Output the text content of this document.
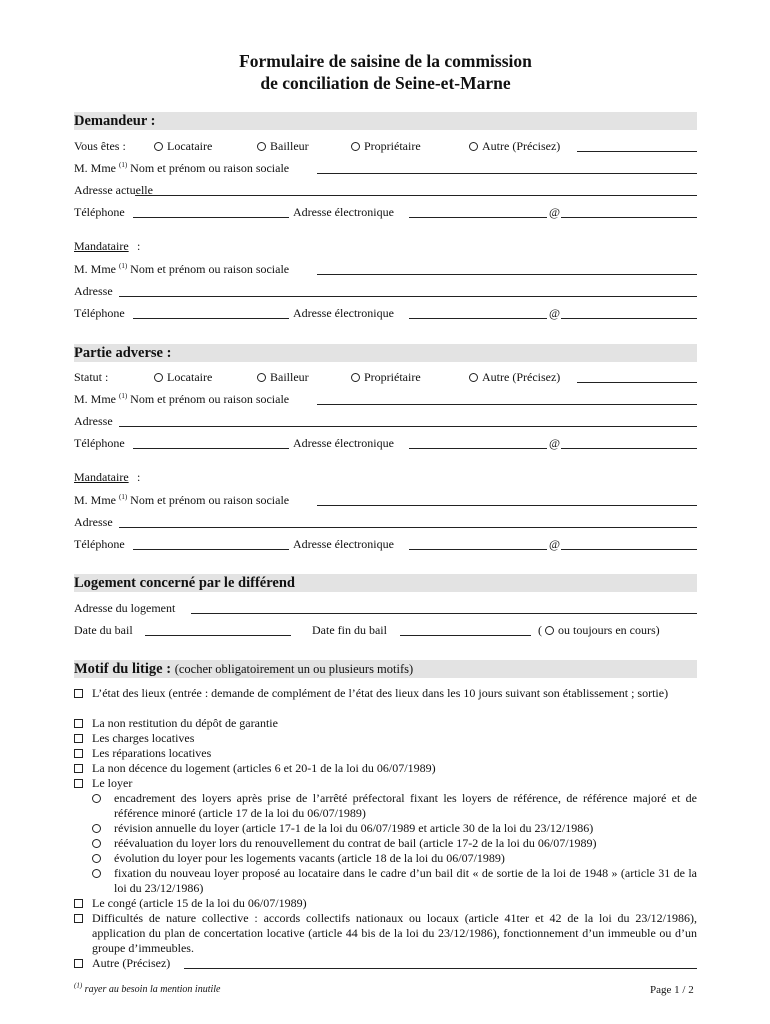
Formulaire de saisine de la commission
de conciliation de Seine-et-Marne
Demandeur :
Vous êtes :	Locataire	Bailleur	Propriétaire	Autre (Précisez)
M. Mme $^{(1)}$ Nom et prénom ou raison sociale
Adresse actuelle
Téléphone	Adresse électronique	@
Mandataire :
M. Mme $^{(1)}$ Nom et prénom ou raison sociale
Adresse
Téléphone	Adresse électronique	@
Partie adverse :
Statut :	Locataire	Bailleur	Propriétaire	Autre (Précisez)
M. Mme $^{(1)}$ Nom et prénom ou raison sociale
Adresse
Téléphone	Adresse électronique	@
Mandataire :
M. Mme $^{(1)}$ Nom et prénom ou raison sociale
Adresse
Téléphone	Adresse électronique	@
Logement concerné par le différend
Adresse du logement
Date du bail	Date fin du bail	( ou toujours en cours)
Motif du litige : (cocher obligatoirement un ou plusieurs motifs)
L’état des lieux (entrée : demande de complément de l’état des lieux dans les 10 jours suivant son établissement ; sortie)
La non restitution du dépôt de garantie
Les charges locatives
Les réparations locatives
La non décence du logement (articles 6 et 20-1 de la loi du 06/07/1989)
Le loyer
encadrement des loyers après prise de l’arrêté préfectoral fixant les loyers de référence, de référence majoré et de référence minoré (article 17 de la loi du 06/07/1989)
révision annuelle du loyer (article 17-1 de la loi du 06/07/1989 et article 30 de la loi du 23/12/1986)
réévaluation du loyer lors du renouvellement du contrat de bail (article 17-2 de la loi du 06/07/1989)
évolution du loyer pour les logements vacants (article 18 de la loi du 06/07/1989)
fixation du nouveau loyer proposé au locataire dans le cadre d’un bail dit « de sortie de la loi de 1948 » (article 31 de la loi du 23/12/1986)
Le congé (article 15 de la loi du 06/07/1989)
Difficultés de nature collective : accords collectifs nationaux ou locaux (article 41ter et 42 de la loi du 23/12/1986), application du plan de concertation locative (article 44 bis de la loi du 23/12/1986), fonctionnement d’un immeuble ou d’un groupe d’immeubles.
Autre (Précisez)
$^{(1)}$ rayer au besoin la mention inutile	Page 1 / 2
